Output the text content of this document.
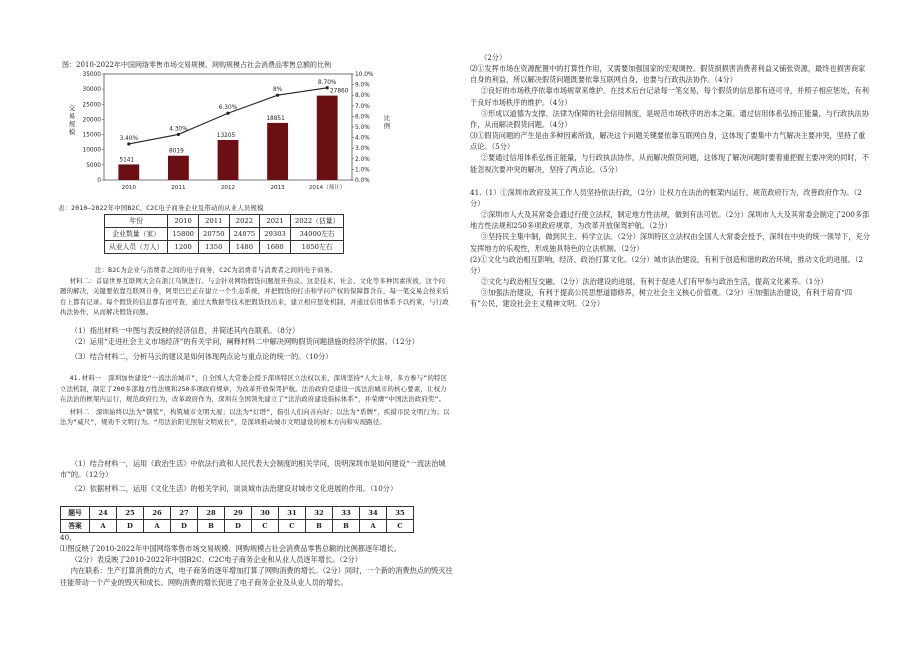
图：2010-2022年中国网络零售市场交易规模、网购规模占社会消费品零售总额的比例
35000
30000
25000
20000
15000
10000
5000
0
10.0%
9.0%
8.0%
7.0%
6.0%
5.0%
4.0%
3.0%
2.0%
1.0%
0.0%
交
易
规
模
比
例
2010
5141
2011
8019
2012
13205
2013
18851
2014（预计）
27860
3.40%
4.30%
6.30%
8%
8.70%
表：2010—2022年中国B2C、C2C电子商务企业及带动的从业人员规模
年份	2010	2011	2022	2021	2022（估量）
企业数量（家）	15800	20750	24875	29303	34000左右
从业人员（万人）	1200	1350	1480	1680	1850左右
注：B2C为企业与消费者之间的电子商务，C2C为消费者与消费者之间的电子商务。

材料二：首届世界互联网大会在浙江乌镇进行。与会针对网络假货问题展开热议。这是技术、社会、文化等多种因素所致，这个问题的解决，关键要依靠互联网自身，阿里巴巴正在建立一个生态系统，并把假货的打击和学问产权的保障都含在，每一笔交易会按来后台上都有记录。每个假货的信息都有迹可查，通过大数据等技术把假货找出来，建立相应惩处机制，并通过信用体系予以约束，与行政执法协作，从而解决假货问题。

（1）指出材料一中图与表反映的经济信息，并简述其内在联系。（8分）

（2）运用“走进社会主义市场经济”的有关学问，阐释材料二中解决网购假货问题措施的经济学依据。（12分）

（3）结合材料二，分析马云的建议是如何体现两点论与重点论的统一的。（10分）

41.材料一　深圳加快建设“一流法治城市”，自全国人大常委会授予深圳特区立法权以来，深圳坚持“人大主导，多方参与”的特区立法机制，制定了200多部地方性法规和250多项政府规章，为改革开放保驾护航。法治政府是建设一流法治城市的核心要素，让权力在法治的框架内运行，规范政府行为，改革政府作为，深圳在全国领先建立了“法治政府建设指标体系”，并荣膺“中国法治政府奖”。

材料二　深圳始终以法为“钢浆”，构筑城市文明大厦；以法为“灯塔”，指引人们向善向好；以法为“盾牌”，疾措市民文明行为；以法为“威尺”，规劝不文明行为。“用法治阳光照射文明成长”，是深圳推动城市文明建设的根本方向和实现路径。

（1）结合材料一，运用《政治生活》中依法行政和人民代表大会制度的相关学问，说明深圳市是如何建设“一流法治城市”的。（12分）

（2）依据材料二，运用《文化生活》的相关学问，谈谈城市法治建设对城市文化进展的作用。（10分）

题号	24	25	26	27	28	29	30	31	32	33	34	35
答案	A	D	A	D	B	D	C	C	B	B	A	C

40、

⑴图反映了2010-2022年中国网络零售市场交易规模、网购规模占社会消费品零售总额的比例都逐年增长。

（2分）表反映了2010-2022年中国B2C、C2C电子商务企业和从业人员逐年增长。（2分）

内在联系：生产打算消费的方式，电子商务的逐年增加打算了网购消费的增长。（2分）同时，一个新的消费热点的毁灭往往能带动一个产业的毁灭和成长。网购消费的增长促进了电子商务企业及从业人员的增长。

（2分）

⑵①发挥市场在资源配置中的打算性作用，又需要加强国家的宏观调控。假货损损害消费者利益又铺张资源，最终也损害商家自身的利益，所以解决假货问题既要依靠互联网自身，也要与行政执法协作。（4分）

②良好的市场秩序依靠市场规章来维护。在技术后台记录每一笔交易，每个假货的信息都有迹可寻，并照子相应惩处，有利于良好市场秩序的维护。（4分）

③形成以道德为支撑、法律为保障的社会信用制度，是规范市场秩序的治本之策。通过信用体系弘扬正能量，与行政执法协作，从而解决假货问题。（4分）

⑶①假货问题的产生是由多种因素所致，解决这个问题关键要依靠互联网自身，这体现了要集中力气解决主要冲突，坚持了重点论。（5分）

②要通过信用体系弘扬正能量，与行政执法协作，从而解决假货问题，这体现了解决问题时要着重把握主要冲突的同时，不能忽视次要冲突的解决，坚持了两点论。（5分）

41.（1）①深圳市政府及其工作人员坚持依法行政，（2分）让权力在法治的框架内运行，规范政府行为，改善政府作为。（2分）

②深圳市人大及其常委会通过行使立法权，制定地方性法规，做到有法可依。（2分）深圳市人大及其常委会制定了200多部地方性法规和250多项政府规章，为改革开放保驾护航。（2分）

③坚持民主集中制，做到民主、科学立法。（2分）深圳特区立法权由全国人大常委会授予，深圳在中央的统一领导下，充分发挥地方的乐观性，形成独具特色的立法机制。（2分）

(2)①文化与政治相互影响，经济、政治打算文化。（2分）城市法治建设，有利于创造和谐的政治环境，推动文化的进展。（2分）

②文化与政治相互交融。（2分）法治建设的进展，有利于促进人们有甲参与政治生活，提高文化素养。（1分）

③加强法治建设，有利于提高公民思想道德修养，树立社会主义核心价值观。（2分）④加强法治建设，有利于培育“四有”公民，建设社会主义精神文明。（2分）
